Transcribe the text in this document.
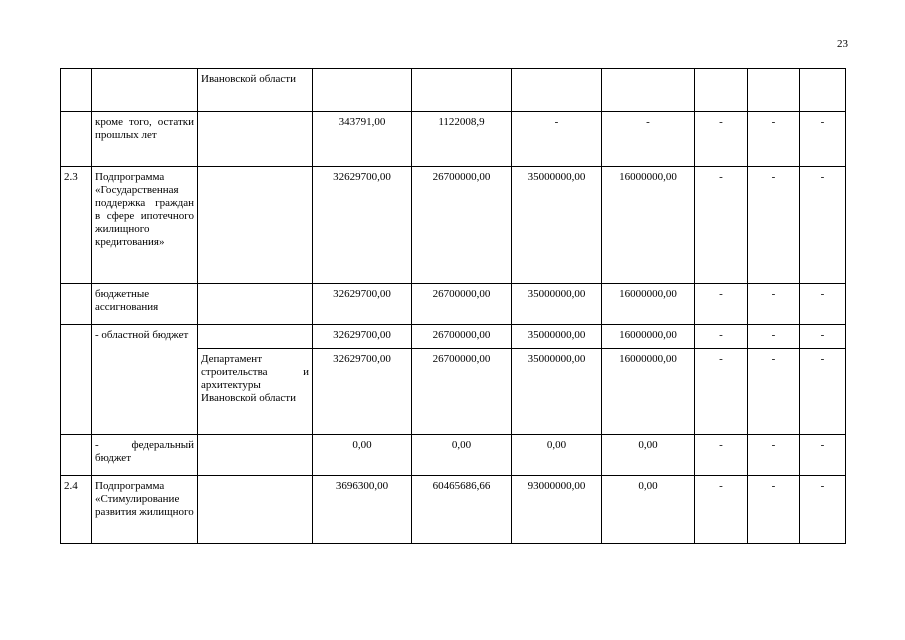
23
		Ивановской области							
	кроме того, остатки прошлых лет		343791,00	1122008,9	-	-	-	-	-
2.3	Подпрограмма «Государственная поддержка граждан в сфере ипотечного жилищного кредитования»		32629700,00	26700000,00	35000000,00	16000000,00	-	-	-
	бюджетные ассигнования		32629700,00	26700000,00	35000000,00	16000000,00	-	-	-
	- областной бюджет		32629700,00	26700000,00	35000000,00	16000000,00	-	-	-
		Департамент строительства и архитектуры Ивановской области	32629700,00	26700000,00	35000000,00	16000000,00	-	-	-
	- федеральный бюджет		0,00	0,00	0,00	0,00	-	-	-
2.4	Подпрограмма «Стимулирование развития жилищного		3696300,00	60465686,66	93000000,00	0,00	-	-	-
